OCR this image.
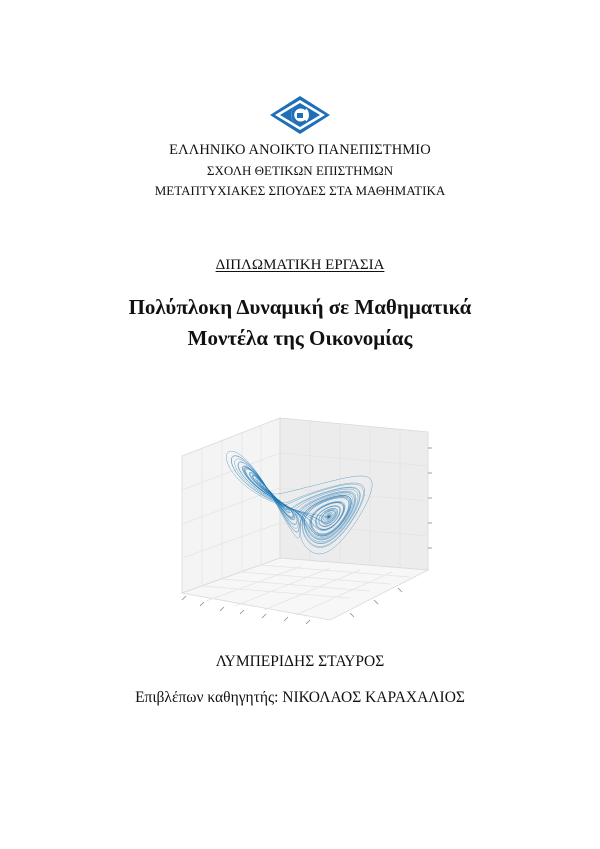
ΕΛΛΗΝΙΚΟ ΑΝΟΙΚΤΟ ΠΑΝΕΠΙΣΤΗΜΙΟ
ΣΧΟΛΗ ΘΕΤΙΚΩΝ ΕΠΙΣΤΗΜΩΝ
ΜΕΤΑΠΤΥΧΙΑΚΕΣ ΣΠΟΥΔΕΣ ΣΤΑ ΜΑΘΗΜΑΤΙΚΑ
ΔΙΠΛΩΜΑΤΙΚΗ ΕΡΓΑΣΙΑ
Πολύπλοκη Δυναμική σε Μαθηματικά
Μοντέλα της Οικονομίας
ΛΥΜΠΕΡΙΔΗΣ ΣΤΑΥΡΟΣ
Επιβλέπων καθηγητής: ΝΙΚΟΛΑΟΣ ΚΑΡΑΧΑΛΙΟΣ
